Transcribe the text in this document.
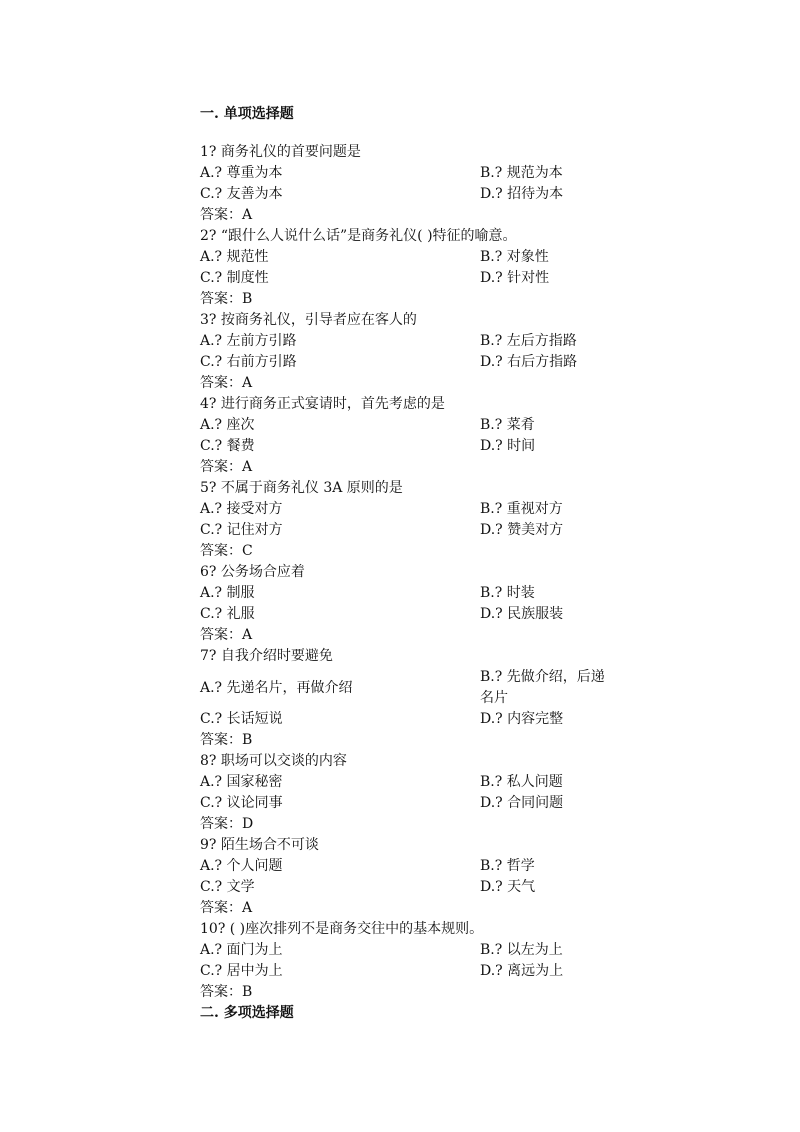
一. 单项选择题
1? 商务礼仪的首要问题是
A.? 尊重为本	B.? 规范为本
C.? 友善为本	D.? 招待为本
答案：A
2? “跟什么人说什么话”是商务礼仪( )特征的喻意。
A.? 规范性	B.? 对象性
C.? 制度性	D.? 针对性
答案：B
3? 按商务礼仪，引导者应在客人的
A.? 左前方引路	B.? 左后方指路
C.? 右前方引路	D.? 右后方指路
答案：A
4? 进行商务正式宴请时，首先考虑的是
A.? 座次	B.? 菜肴
C.? 餐费	D.? 时间
答案：A
5? 不属于商务礼仪 3A 原则的是
A.? 接受对方	B.? 重视对方
C.? 记住对方	D.? 赞美对方
答案：C
6? 公务场合应着
A.? 制服	B.? 时装
C.? 礼服	D.? 民族服装
答案：A
7? 自我介绍时要避免
A.? 先递名片，再做介绍
B.? 先做介绍，后递名片
C.? 长话短说	D.? 内容完整
答案：B
8? 职场可以交谈的内容
A.? 国家秘密	B.? 私人问题
C.? 议论同事	D.? 合同问题
答案：D
9? 陌生场合不可谈
A.? 个人问题	B.? 哲学
C.? 文学	D.? 天气
答案：A
10? ( )座次排列不是商务交往中的基本规则。
A.? 面门为上	B.? 以左为上
C.? 居中为上	D.? 离远为上
答案：B
二. 多项选择题
